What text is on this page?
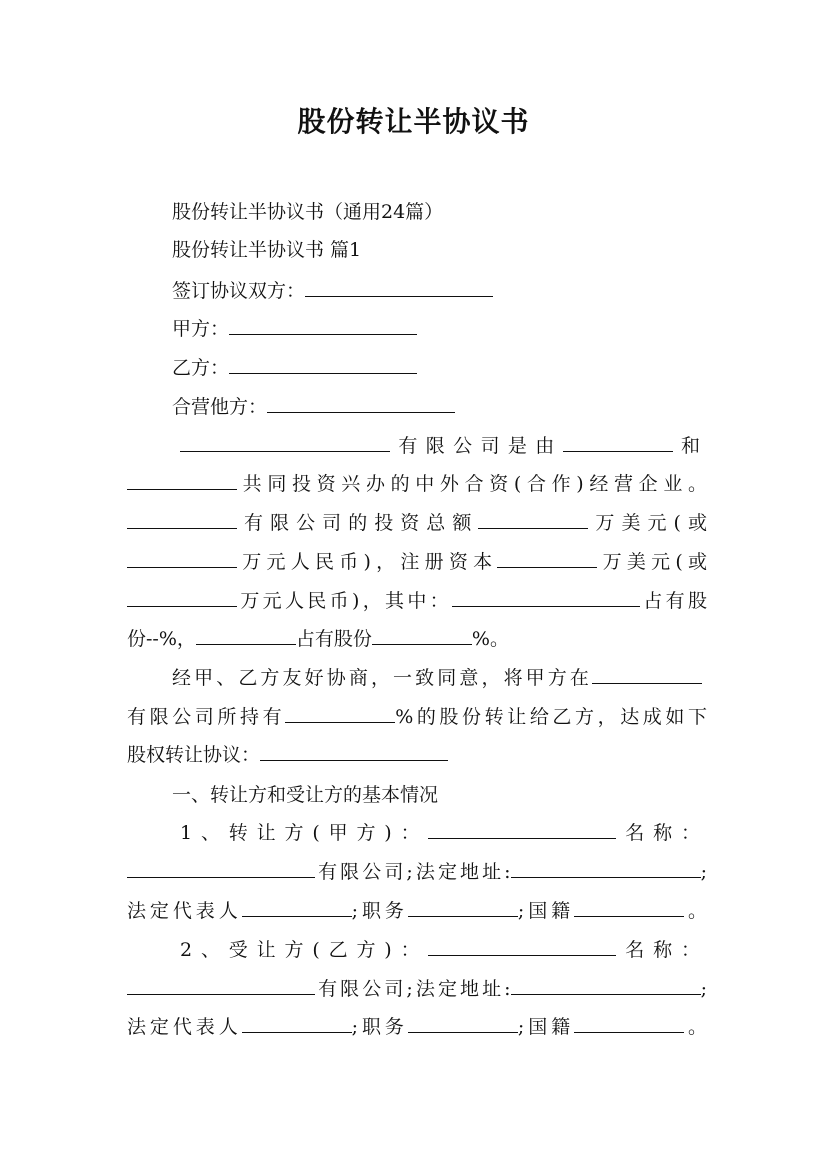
股份转让半协议书
股份转让半协议书（通用24篇）
股份转让半协议书 篇1
签订协议双方：
甲方：
乙方：
合营他方：
有限公司是由	和
共同投资兴办的中外合资(合作)经营企业。
有限公司的投资总额	万美元(或
万元人民币)，注册资本	万美元(或
万元人民币)，其中：	占有股
份--%，	占有股份	%。
经甲、乙方友好协商，一致同意，将甲方在
有限公司所持有	%的股份转让给乙方，达成如下
股权转让协议：
一、转让方和受让方的基本情况
1、转让方(甲方)：	名称：
有限公司;法定地址:	;
法定代表人	;职务	;国籍	。
2、受让方(乙方)：	名称：
有限公司;法定地址:	;
法定代表人	;职务	;国籍	。
